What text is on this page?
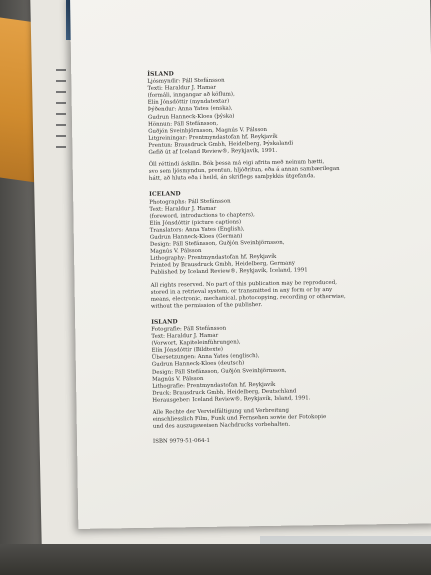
ÍSLAND
Ljósmyndir: Páll Stefánsson
Texti: Haraldur J. Hamar
(formáli, inngangar að köflum),
Elín Jónsdóttir (myndatextar)
Þýðendur: Anna Yates (enska),
Gudrun Hanneck-Kloes (þýska)
Hönnun: Páll Stefánsson,
Guðjón Sveinbjörnsson, Magnús V. Pálsson
Litgreiningar: Prentmyndastofan hf, Reykjavík
Prentun: Brausdruck Gmbh, Heidelberg, Þýskalandi
Gefið út af Iceland Review®, Reykjavík, 1991.
Öll réttindi áskilin. Bók þessa má eigi afrita með neinum hætti,
svo sem ljósmyndun, prentun, hljóðritun, eða á annan sambærilegan
hátt, að hluta eða í heild, án skriflegs samþykkis útgefanda.
ICELAND
Photographs: Páll Stefánsson
Text: Haraldur J. Hamar
(foreword, introductions to chapters),
Elín Jónsdóttir (picture captions)
Translators: Anna Yates (English),
Gudrun Hanneck-Kloes (German)
Design: Páll Stefánsson, Guðjón Sveinbjörnsson,
Magnús V. Pálsson
Lithography: Prentmyndastofan hf, Reykjavík
Printed by Brausdruck Gmbh, Heidelberg, Germany
Published by Iceland Review®, Reykjavík, Iceland, 1991
All rights reserved. No part of this publication may be reproduced,
stored in a retrieval system, or transmitted in any form or by any
means, electronic, mechanical, photocopying, recording or otherwise,
without the permission of the publisher.
ISLAND
Fotografie: Páll Stefánsson
Text: Haraldur J. Hamar
(Vorwort, Kapiteleinführungen),
Elín Jónsdóttir (Bildtexte)
Übersetzungen: Anna Yates (englisch),
Gudrun Hanneck-Kloes (deutsch)
Design: Páll Stefánsson, Guðjón Sveinbjörnsson,
Magnús V. Pálsson
Lithografie: Prentmyndastofan hf, Reykjavík
Druck: Brausdruck Gmbh, Heidelberg, Deutschland
Herausgeber: Iceland Review®, Reykjavík, Island, 1991.
Alle Rechte der Vervielfältigung und Verbreitung
einschliesslich Film, Funk und Fernsehen sowie der Fotokopie
und des auszugsweisen Nachdrucks vorbehalten.
ISBN 9979-51-064-1
